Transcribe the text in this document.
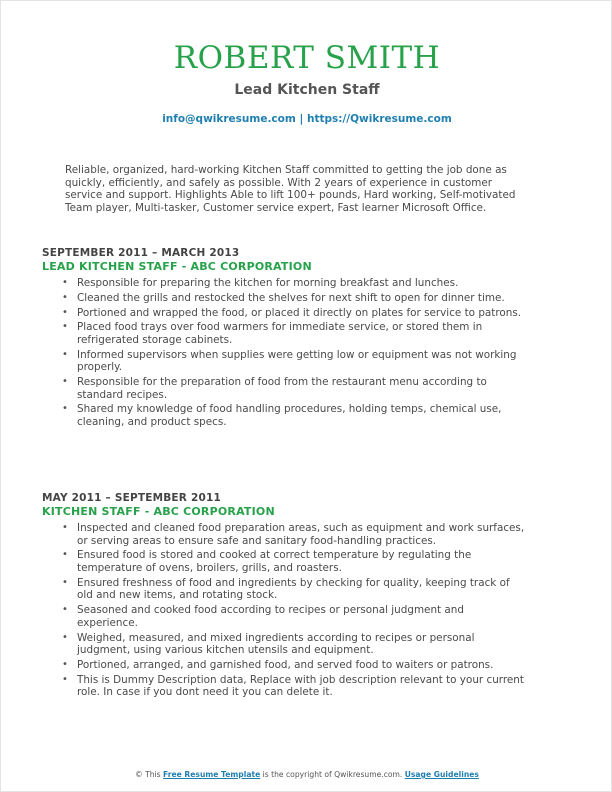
ROBERT SMITH
Lead Kitchen Staff
info@qwikresume.com | https://Qwikresume.com
Reliable, organized, hard-working Kitchen Staff committed to getting the job done as quickly, efficiently, and safely as possible. With 2 years of experience in customer service and support. Highlights Able to lift 100+ pounds, Hard working, Self-motivated Team player, Multi-tasker, Customer service expert, Fast learner Microsoft Office.
SEPTEMBER 2011 – MARCH 2013
LEAD KITCHEN STAFF - ABC CORPORATION
• Responsible for preparing the kitchen for morning breakfast and lunches.
• Cleaned the grills and restocked the shelves for next shift to open for dinner time.
• Portioned and wrapped the food, or placed it directly on plates for service to patrons.
• Placed food trays over food warmers for immediate service, or stored them in refrigerated storage cabinets.
• Informed supervisors when supplies were getting low or equipment was not working properly.
• Responsible for the preparation of food from the restaurant menu according to standard recipes.
• Shared my knowledge of food handling procedures, holding temps, chemical use, cleaning, and product specs.
MAY 2011 – SEPTEMBER 2011
KITCHEN STAFF - ABC CORPORATION
• Inspected and cleaned food preparation areas, such as equipment and work surfaces, or serving areas to ensure safe and sanitary food-handling practices.
• Ensured food is stored and cooked at correct temperature by regulating the temperature of ovens, broilers, grills, and roasters.
• Ensured freshness of food and ingredients by checking for quality, keeping track of old and new items, and rotating stock.
• Seasoned and cooked food according to recipes or personal judgment and experience.
• Weighed, measured, and mixed ingredients according to recipes or personal judgment, using various kitchen utensils and equipment.
• Portioned, arranged, and garnished food, and served food to waiters or patrons.
• This is Dummy Description data, Replace with job description relevant to your current role. In case if you dont need it you can delete it.
© This Free Resume Template is the copyright of Qwikresume.com. Usage Guidelines
